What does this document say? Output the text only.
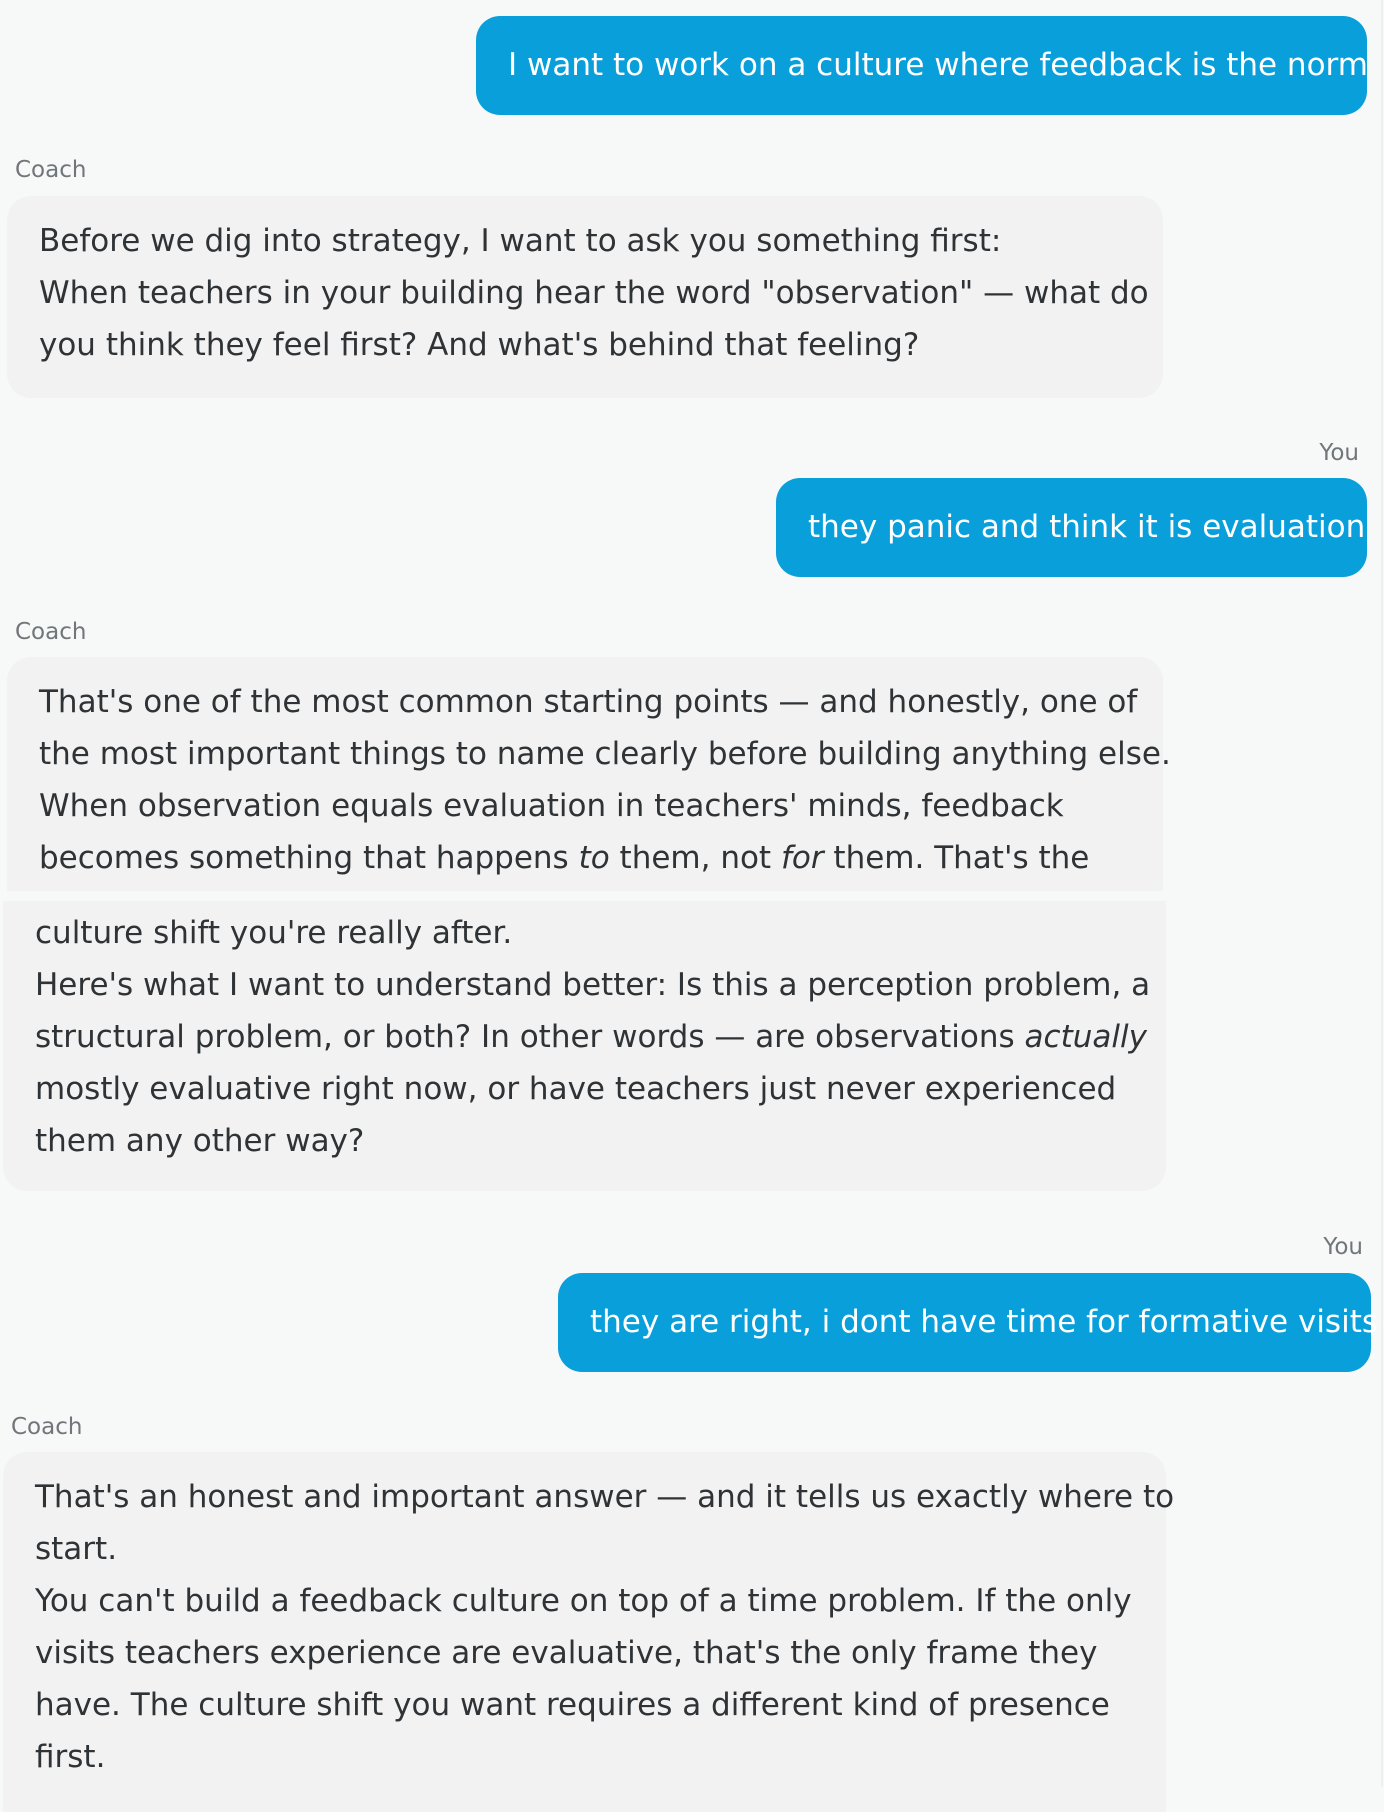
I want to work on a culture where feedback is the norm
Coach
Before we dig into strategy, I want to ask you something first:
When teachers in your building hear the word "observation" — what do
you think they feel first? And what's behind that feeling?
You
they panic and think it is evaluation
Coach
That's one of the most common starting points — and honestly, one of
the most important things to name clearly before building anything else.
When observation equals evaluation in teachers' minds, feedback
becomes something that happens to them, not for them. That's the
culture shift you're really after.
Here's what I want to understand better: Is this a perception problem, a
structural problem, or both? In other words — are observations actually
mostly evaluative right now, or have teachers just never experienced
them any other way?
You
they are right, i dont have time for formative visits
Coach
That's an honest and important answer — and it tells us exactly where to
start.
You can't build a feedback culture on top of a time problem. If the only
visits teachers experience are evaluative, that's the only frame they
have. The culture shift you want requires a different kind of presence
first.
